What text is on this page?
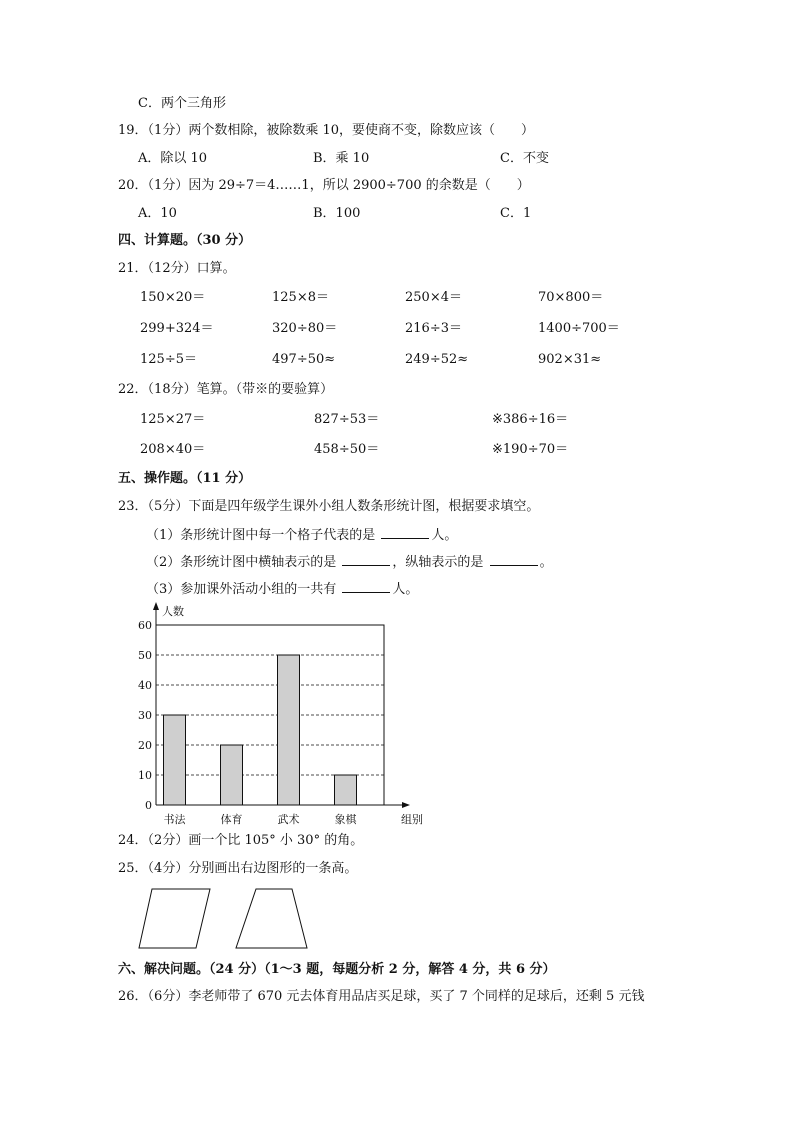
C．两个三角形
19．（1分）两个数相除，被除数乘 10，要使商不变，除数应该（　　）
A．除以 10	B．乘 10	C．不变
20．（1分）因为 29÷7＝4……1，所以 2900÷700 的余数是（　　）
A．10	B．100	C．1
四、计算题。（30 分）
21．（12分）口算。
150×20＝	125×8＝	250×4＝	70×800＝
299+324＝	320÷80＝	216÷3＝	1400÷700＝
125÷5＝	497÷50≈	249÷52≈	902×31≈
22．（18分）笔算。（带※的要验算）
125×27＝	827÷53＝	※386÷16＝
208×40＝	458÷50＝	※190÷70＝
五、操作题。（11 分）
23．（5分）下面是四年级学生课外小组人数条形统计图，根据要求填空。
（1）条形统计图中每一个格子代表的是	人。
（2）条形统计图中横轴表示的是	，纵轴表示的是	。
（3）参加课外活动小组的一共有	人。
0
10
20
30
40
50
60
人数
组别
书法	体育	武术	象棋
24．（2分）画一个比 105° 小 30° 的角。
25．（4分）分别画出右边图形的一条高。
六、解决问题。（24 分）（1～3 题，每题分析 2 分，解答 4 分，共 6 分）
26．（6分）李老师带了 670 元去体育用品店买足球，买了 7 个同样的足球后，还剩 5 元钱
